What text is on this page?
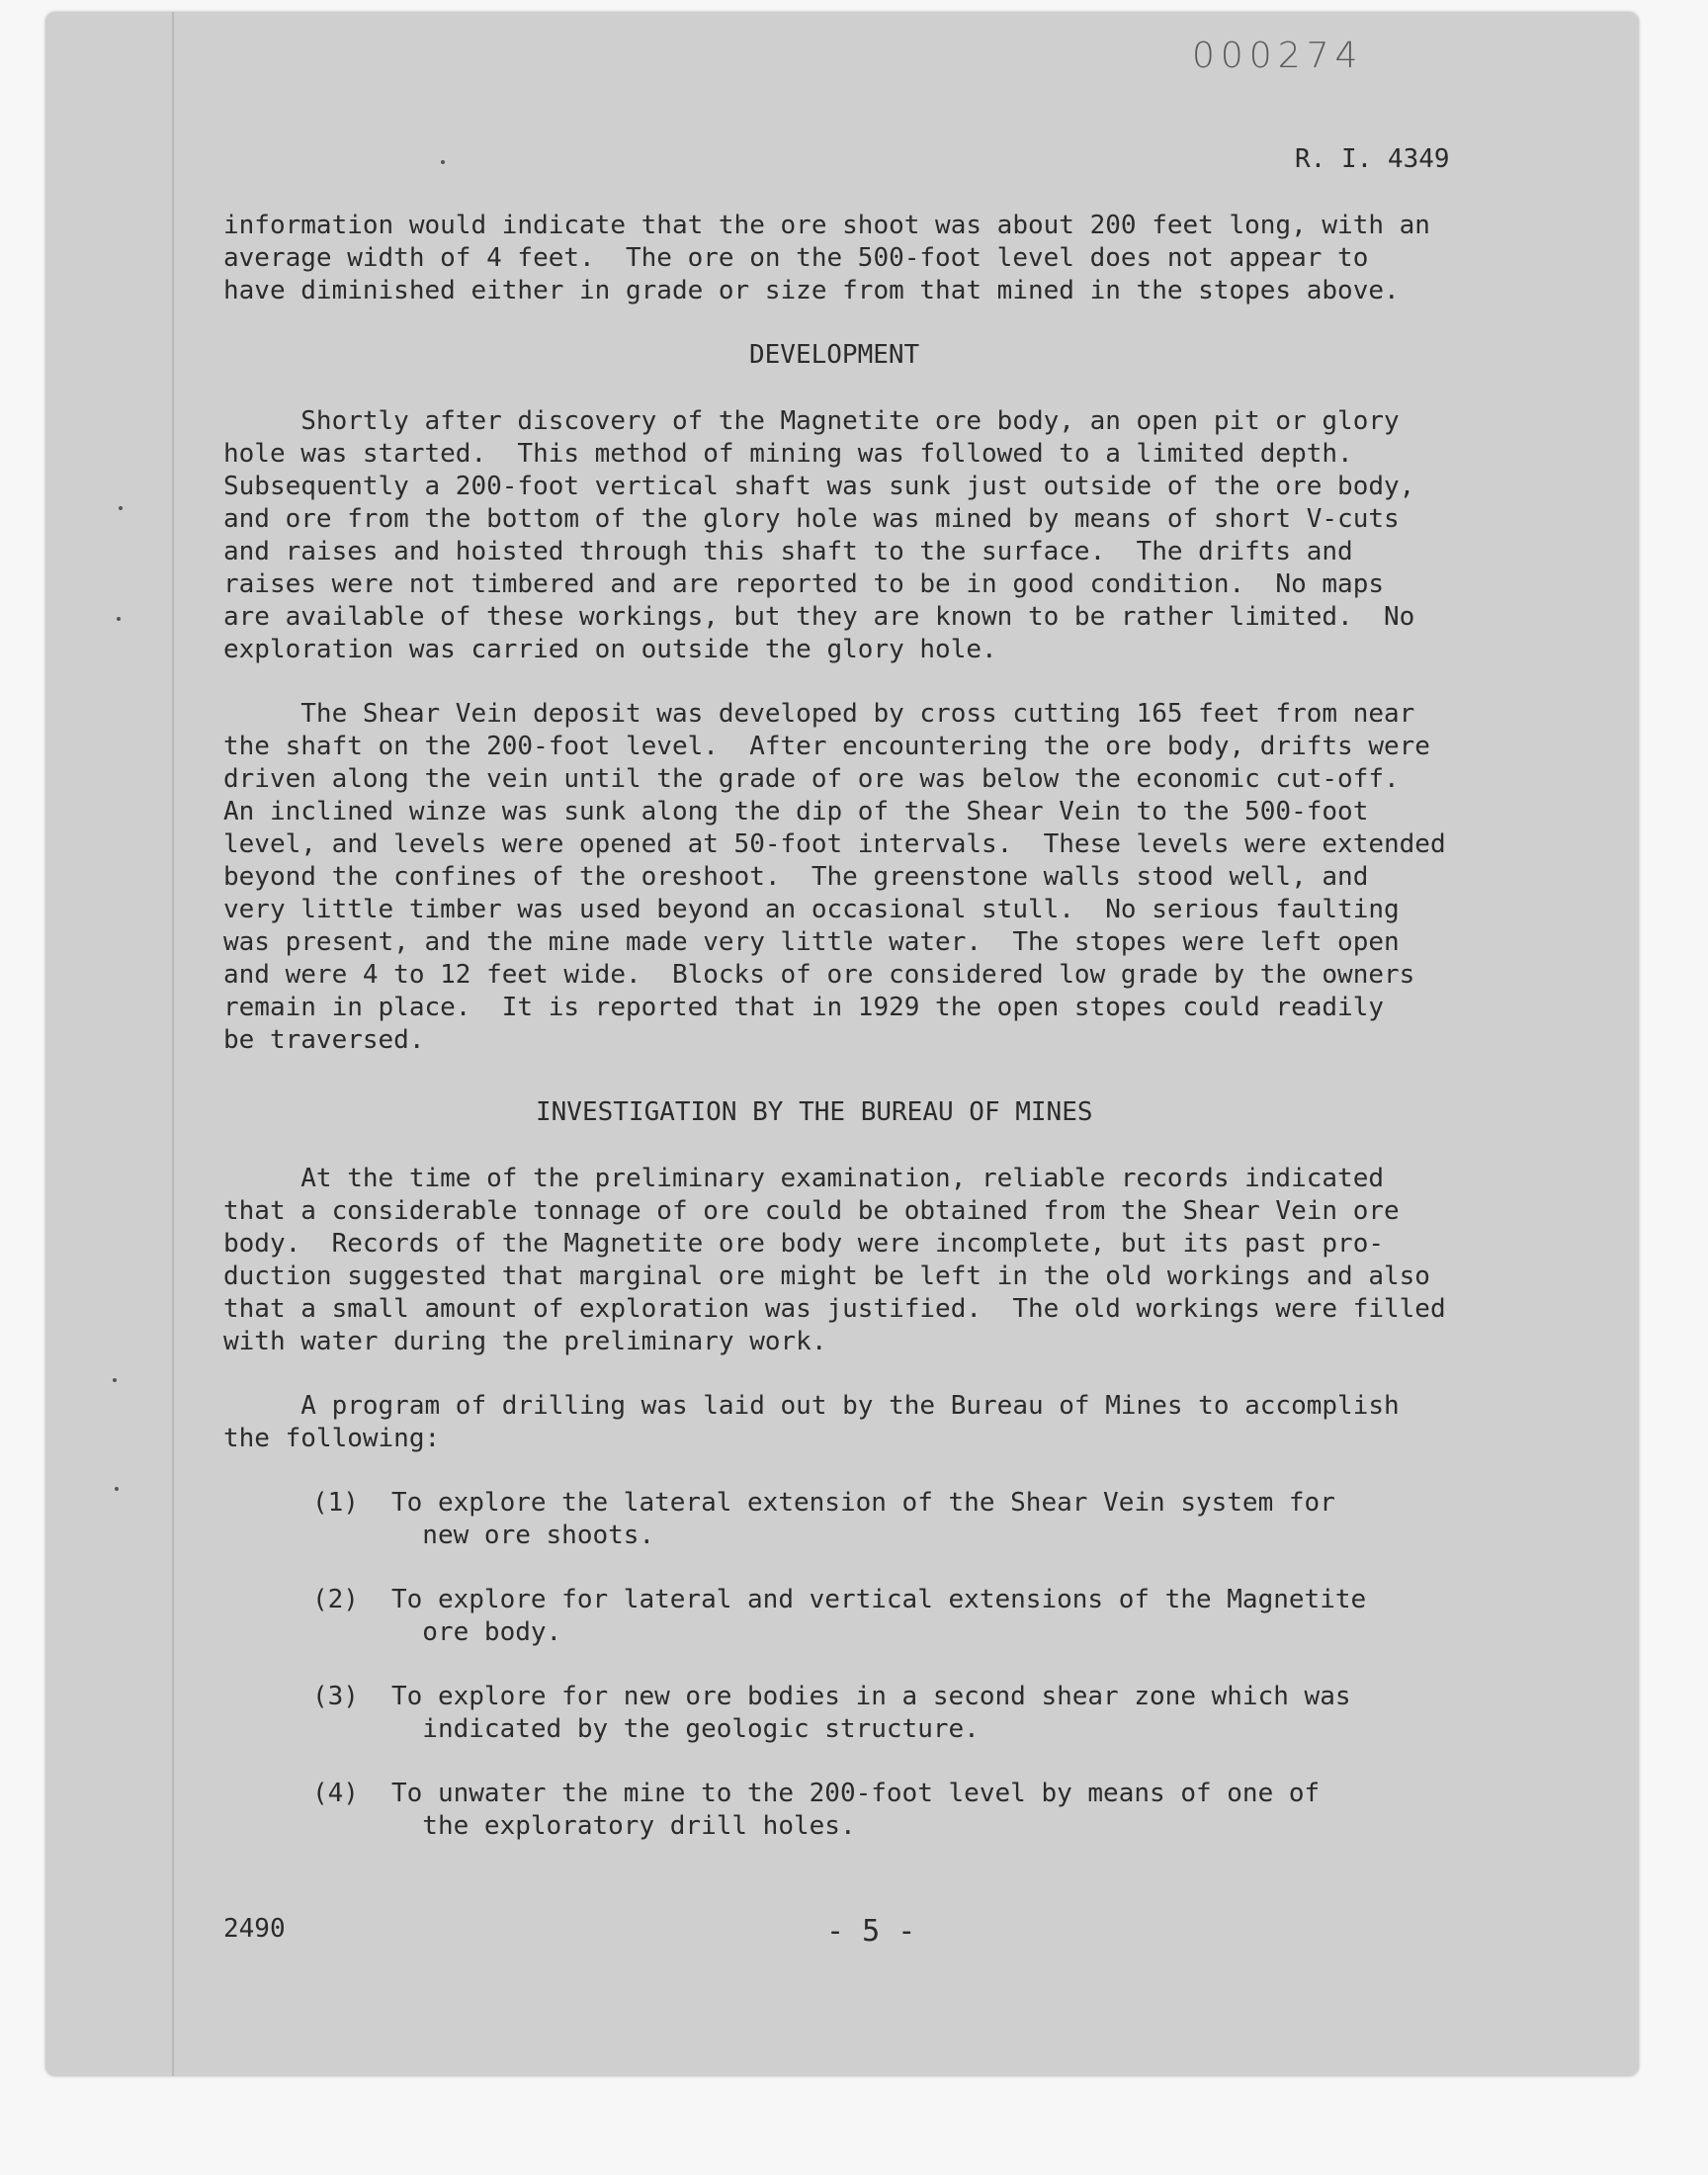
000274
R. I. 4349
information would indicate that the ore shoot was about 200 feet long, with an
average width of 4 feet.  The ore on the 500-foot level does not appear to
have diminished either in grade or size from that mined in the stopes above.
DEVELOPMENT
Shortly after discovery of the Magnetite ore body, an open pit or glory
hole was started.  This method of mining was followed to a limited depth.
Subsequently a 200-foot vertical shaft was sunk just outside of the ore body,
and ore from the bottom of the glory hole was mined by means of short V-cuts
and raises and hoisted through this shaft to the surface.  The drifts and
raises were not timbered and are reported to be in good condition.  No maps
are available of these workings, but they are known to be rather limited.  No
exploration was carried on outside the glory hole.
The Shear Vein deposit was developed by cross cutting 165 feet from near
the shaft on the 200-foot level.  After encountering the ore body, drifts were
driven along the vein until the grade of ore was below the economic cut-off.
An inclined winze was sunk along the dip of the Shear Vein to the 500-foot
level, and levels were opened at 50-foot intervals.  These levels were extended
beyond the confines of the oreshoot.  The greenstone walls stood well, and
very little timber was used beyond an occasional stull.  No serious faulting
was present, and the mine made very little water.  The stopes were left open
and were 4 to 12 feet wide.  Blocks of ore considered low grade by the owners
remain in place.  It is reported that in 1929 the open stopes could readily
be traversed.
INVESTIGATION BY THE BUREAU OF MINES
At the time of the preliminary examination, reliable records indicated
that a considerable tonnage of ore could be obtained from the Shear Vein ore
body.  Records of the Magnetite ore body were incomplete, but its past pro-
duction suggested that marginal ore might be left in the old workings and also
that a small amount of exploration was justified.  The old workings were filled
with water during the preliminary work.
A program of drilling was laid out by the Bureau of Mines to accomplish
the following:
(1) To explore the lateral extension of the Shear Vein system for
new ore shoots.
(2) To explore for lateral and vertical extensions of the Magnetite
ore body.
(3) To explore for new ore bodies in a second shear zone which was
indicated by the geologic structure.
(4) To unwater the mine to the 200-foot level by means of one of
the exploratory drill holes.
2490	- 5 -
